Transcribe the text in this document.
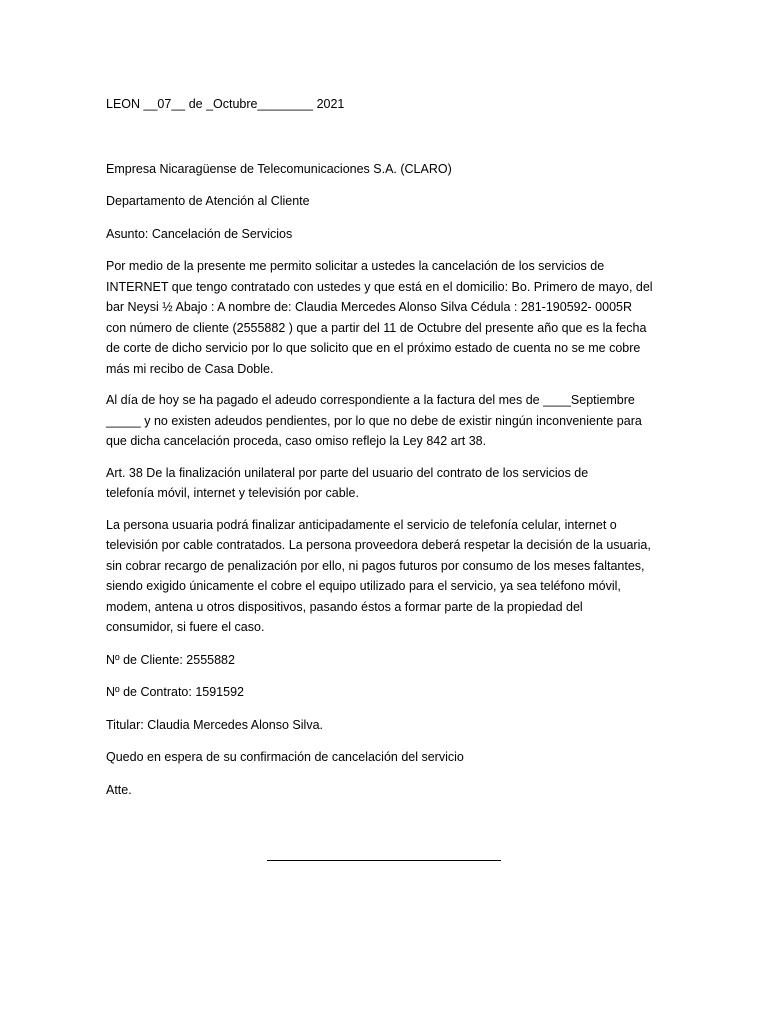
LEON __07__ de _Octubre________ 2021
Empresa Nicaragüense de Telecomunicaciones S.A. (CLARO)
Departamento de Atención al Cliente
Asunto: Cancelación de Servicios
Por medio de la presente me permito solicitar a ustedes la cancelación de los servicios de
INTERNET que tengo contratado con ustedes y que está en el domicilio: Bo. Primero de mayo, del
bar Neysi ½ Abajo : A nombre de: Claudia Mercedes Alonso Silva Cédula : 281-190592- 0005R
con número de cliente (2555882 ) que a partir del 11 de Octubre del presente año que es la fecha
de corte de dicho servicio por lo que solicito que en el próximo estado de cuenta no se me cobre
más mi recibo de Casa Doble.
Al día de hoy se ha pagado el adeudo correspondiente a la factura del mes de ____Septiembre
_____ y no existen adeudos pendientes, por lo que no debe de existir ningún inconveniente para
que dicha cancelación proceda, caso omiso reflejo la Ley 842 art 38.
Art. 38 De la finalización unilateral por parte del usuario del contrato de los servicios de
telefonía móvil, internet y televisión por cable.
La persona usuaria podrá finalizar anticipadamente el servicio de telefonía celular, internet o
televisión por cable contratados. La persona proveedora deberá respetar la decisión de la usuaria,
sin cobrar recargo de penalización por ello, ni pagos futuros por consumo de los meses faltantes,
siendo exigido únicamente el cobre el equipo utilizado para el servicio, ya sea teléfono móvil,
modem, antena u otros dispositivos, pasando éstos a formar parte de la propiedad del
consumidor, si fuere el caso.
Nº de Cliente: 2555882
Nº de Contrato: 1591592
Titular: Claudia Mercedes Alonso Silva.
Quedo en espera de su confirmación de cancelación del servicio
Atte.
